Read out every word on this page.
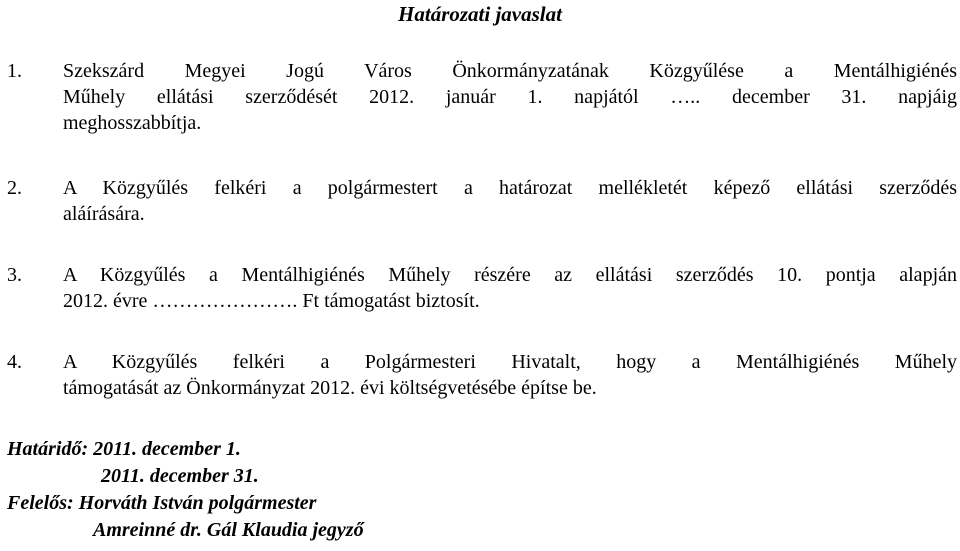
Határozati javaslat
1. Szekszárd Megyei Jogú Város Önkormányzatának Közgyűlése a Mentálhigiénés
Műhely ellátási szerződését 2012. január 1. napjától ….. december 31. napjáig
meghosszabbítja.
2. A Közgyűlés felkéri a polgármestert a határozat mellékletét képező ellátási szerződés
aláírására.
3. A Közgyűlés a Mentálhigiénés Műhely részére az ellátási szerződés 10. pontja alapján
2012. évre …………………. Ft támogatást biztosít.
4. A Közgyűlés felkéri a Polgármesteri Hivatalt, hogy a Mentálhigiénés Műhely
támogatását az Önkormányzat 2012. évi költségvetésébe építse be.
Határidő: 2011. december 1.
2011. december 31.
Felelős: Horváth István polgármester
Amreinné dr. Gál Klaudia jegyző
